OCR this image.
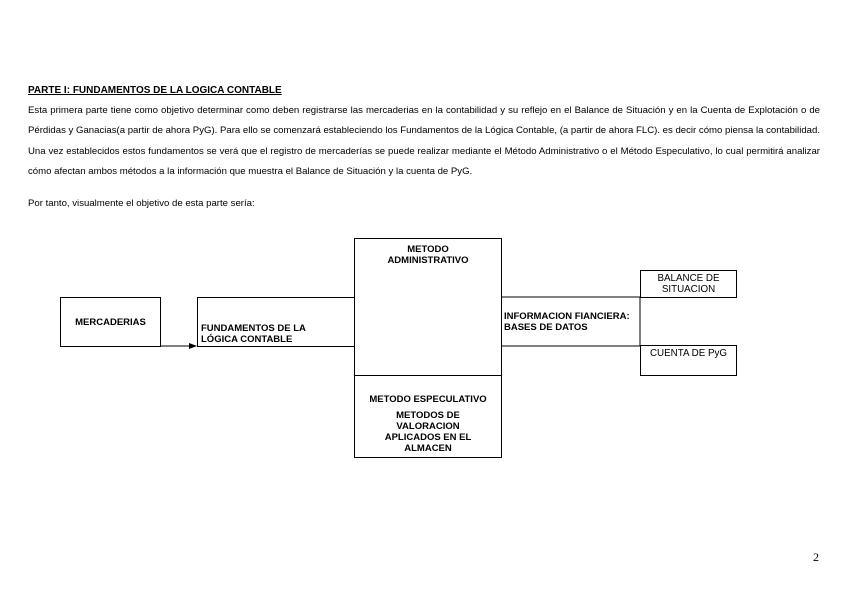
PARTE I: FUNDAMENTOS DE LA LOGICA CONTABLE

Esta primera parte tiene como objetivo determinar como deben registrarse las mercaderias en la contabilidad y su reflejo en el Balance de Situación y en la Cuenta de Explotación o de Pérdidas y Ganacias(a partir de ahora PyG). Para ello se comenzará estableciendo los Fundamentos de la Lógica Contable, (a partir de ahora FLC). es decir cómo piensa la contabilidad. Una vez establecidos estos fundamentos se verá que el registro de mercaderías se puede realizar mediante el Método Administrativo o el Método Especulativo, lo cual permitirá analizar cómo afectan ambos métodos a la información que muestra el Balance de Situación y la cuenta de PyG.

Por tanto, visualmente el objetivo de esta parte sería:
MERCADERIAS
FUNDAMENTOS DE LA LÓGICA CONTABLE
METODO ADMINISTRATIVO
METODO ESPECULATIVO
METODOS DE VALORACION APLICADOS EN EL ALMACEN
INFORMACION FIANCIERA: BASES DE DATOS
BALANCE DE SITUACION
CUENTA DE PyG
2
